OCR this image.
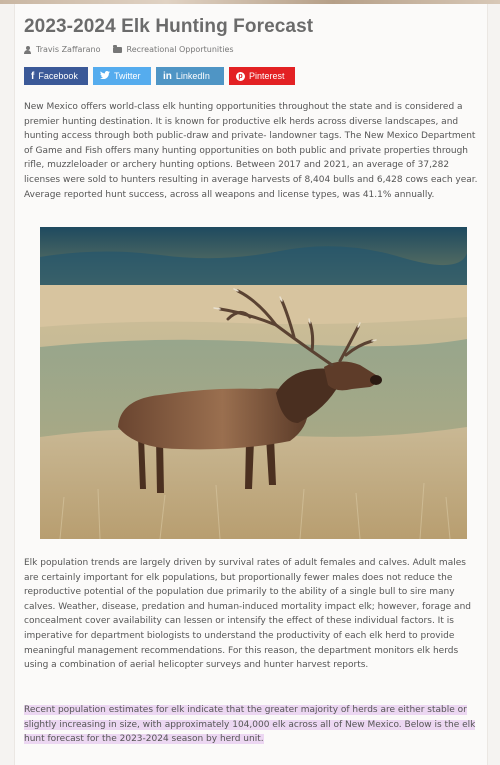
2023-2024 Elk Hunting Forecast
Travis Zaffarano	Recreational Opportunities
f Facebook	Twitter in LinkedIn	p Pinterest

New Mexico offers world-class elk hunting opportunities throughout the state and is considered a premier hunting destination. It is known for productive elk herds across diverse landscapes, and hunting access through both public-draw and private- landowner tags. The New Mexico Department of Game and Fish offers many hunting opportunities on both public and private properties through rifle, muzzleloader or archery hunting options. Between 2017 and 2021, an average of 37,282 licenses were sold to hunters resulting in average harvests of 8,404 bulls and 6,428 cows each year. Average reported hunt success, across all weapons and license types, was 41.1% annually.

Elk population trends are largely driven by survival rates of adult females and calves. Adult males are certainly important for elk populations, but proportionally fewer males does not reduce the reproductive potential of the population due primarily to the ability of a single bull to sire many calves. Weather, disease, predation and human-induced mortality impact elk; however, forage and concealment cover availability can lessen or intensify the effect of these individual factors. It is imperative for department biologists to understand the productivity of each elk herd to provide meaningful management recommendations. For this reason, the department monitors elk herds using a combination of aerial helicopter surveys and hunter harvest reports.

Recent population estimates for elk indicate that the greater majority of herds are either stable or slightly increasing in size, with approximately 104,000 elk across all of New Mexico. Below is the elk hunt forecast for the 2023-2024 season by herd unit.
